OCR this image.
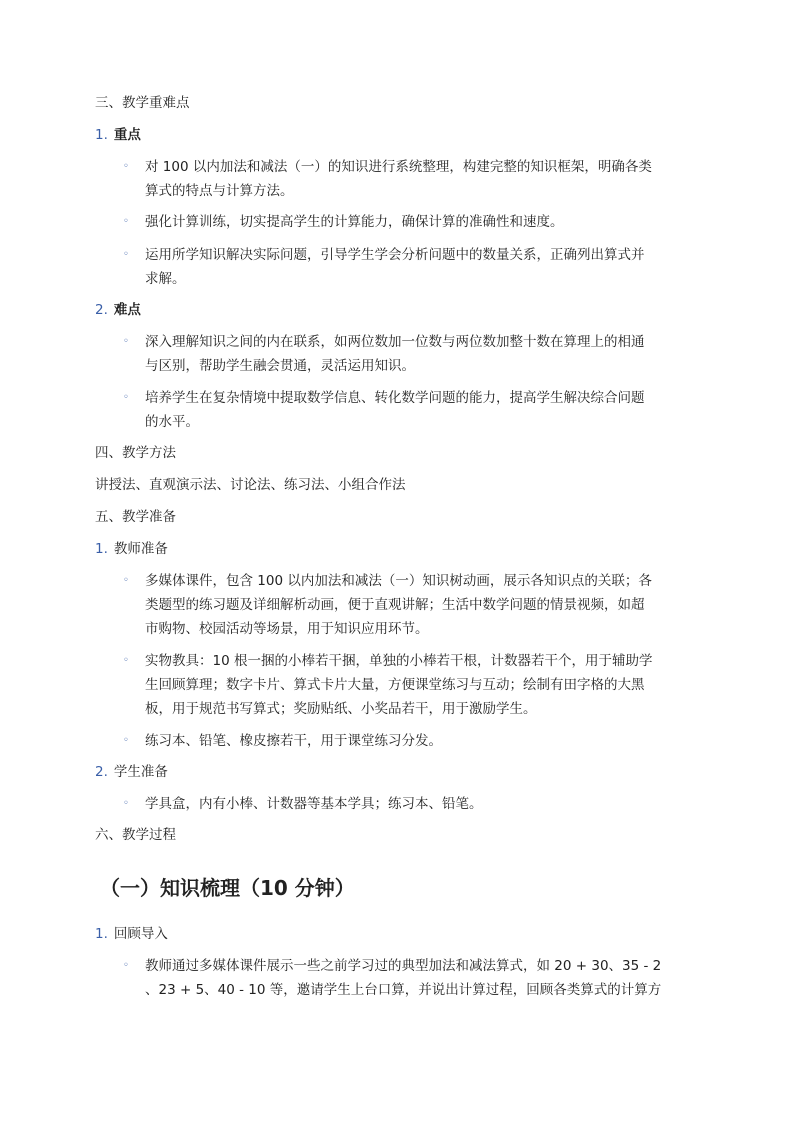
三、教学重难点
1. 重点
◦	对 100 以内加法和减法（一）的知识进行系统整理，构建完整的知识框架，明确各类
算式的特点与计算方法。
◦	强化计算训练，切实提高学生的计算能力，确保计算的准确性和速度。
◦	运用所学知识解决实际问题，引导学生学会分析问题中的数量关系，正确列出算式并
求解。
2. 难点
◦	深入理解知识之间的内在联系，如两位数加一位数与两位数加整十数在算理上的相通
与区别，帮助学生融会贯通，灵活运用知识。
◦	培养学生在复杂情境中提取数学信息、转化数学问题的能力，提高学生解决综合问题
的水平。
四、教学方法
讲授法、直观演示法、讨论法、练习法、小组合作法
五、教学准备
1. 教师准备
◦	多媒体课件，包含 100 以内加法和减法（一）知识树动画，展示各知识点的关联；各
类题型的练习题及详细解析动画，便于直观讲解；生活中数学问题的情景视频，如超
市购物、校园活动等场景，用于知识应用环节。
◦	实物教具：10 根一捆的小棒若干捆，单独的小棒若干根，计数器若干个，用于辅助学
生回顾算理；数字卡片、算式卡片大量，方便课堂练习与互动；绘制有田字格的大黑
板，用于规范书写算式；奖励贴纸、小奖品若干，用于激励学生。
◦	练习本、铅笔、橡皮擦若干，用于课堂练习分发。
2. 学生准备
◦	学具盒，内有小棒、计数器等基本学具；练习本、铅笔。
六、教学过程
（一）知识梳理（10 分钟）
1. 回顾导入
◦	教师通过多媒体课件展示一些之前学习过的典型加法和减法算式，如 20 + 30、35 - 2
、23 + 5、40 - 10 等，邀请学生上台口算，并说出计算过程，回顾各类算式的计算方
